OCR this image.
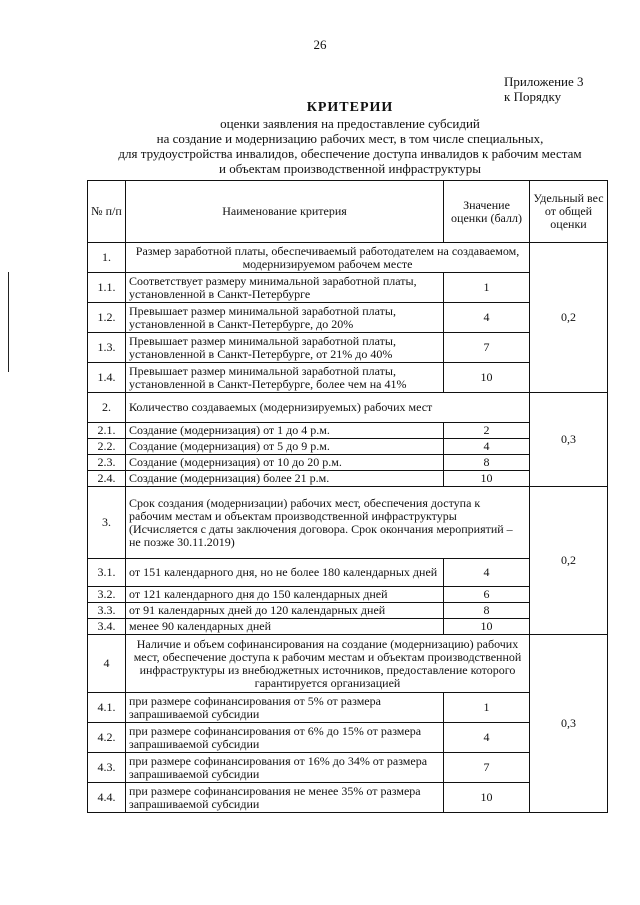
26
Приложение 3
к Порядку
КРИТЕРИИ
оценки заявления на предоставление субсидий
на создание и модернизацию рабочих мест, в том числе специальных,
для трудоустройства инвалидов, обеспечение доступа инвалидов к рабочим местам
и объектам производственной инфраструктуры
№ п/п	Наименование критерия	Значение оценки (балл)	Удельный вес от общей оценки
1.	Размер заработной платы, обеспечиваемый работодателем на создаваемом, модернизируемом рабочем месте		0,2
1.1.	Соответствует размеру минимальной заработной платы, установленной в Санкт-Петербурге	1	
1.2.	Превышает размер минимальной заработной платы, установленной в Санкт-Петербурге, до 20%	4	
1.3.	Превышает размер минимальной заработной платы, установленной в Санкт-Петербурге, от 21% до 40%	7	
1.4.	Превышает размер минимальной заработной платы, установленной в Санкт-Петербурге, более чем на 41%	10	
2.	Количество создаваемых (модернизируемых) рабочих мест		0,3
2.1.	Создание (модернизация) от 1 до 4 р.м.	2	
2.2.	Создание (модернизация) от 5 до 9 р.м.	4	
2.3.	Создание (модернизация) от 10 до 20 р.м.	8	
2.4.	Создание (модернизация) более 21 р.м.	10	
3.	Срок создания (модернизации) рабочих мест, обеспечения доступа к рабочим местам и объектам производственной инфраструктуры (Исчисляется с даты заключения договора. Срок окончания мероприятий – не позже 30.11.2019)		0,2
3.1.	от 151 календарного дня, но не более 180 календарных дней	4	
3.2.	от 121 календарного дня до 150 календарных дней	6	
3.3.	от 91 календарных дней до 120 календарных дней	8	
3.4.	менее 90 календарных дней	10	
4	Наличие и объем софинансирования на создание (модернизацию) рабочих мест, обеспечение доступа к рабочим местам и объектам производственной инфраструктуры из внебюджетных источников, предоставление которого гарантируется организацией		0,3
4.1.	при размере софинансирования от 5% от размера запрашиваемой субсидии	1	
4.2.	при размере софинансирования от 6% до 15% от размера запрашиваемой субсидии	4	
4.3.	при размере софинансирования от 16% до 34% от размера запрашиваемой субсидии	7	
4.4.	при размере софинансирования не менее 35% от размера запрашиваемой субсидии	10	
